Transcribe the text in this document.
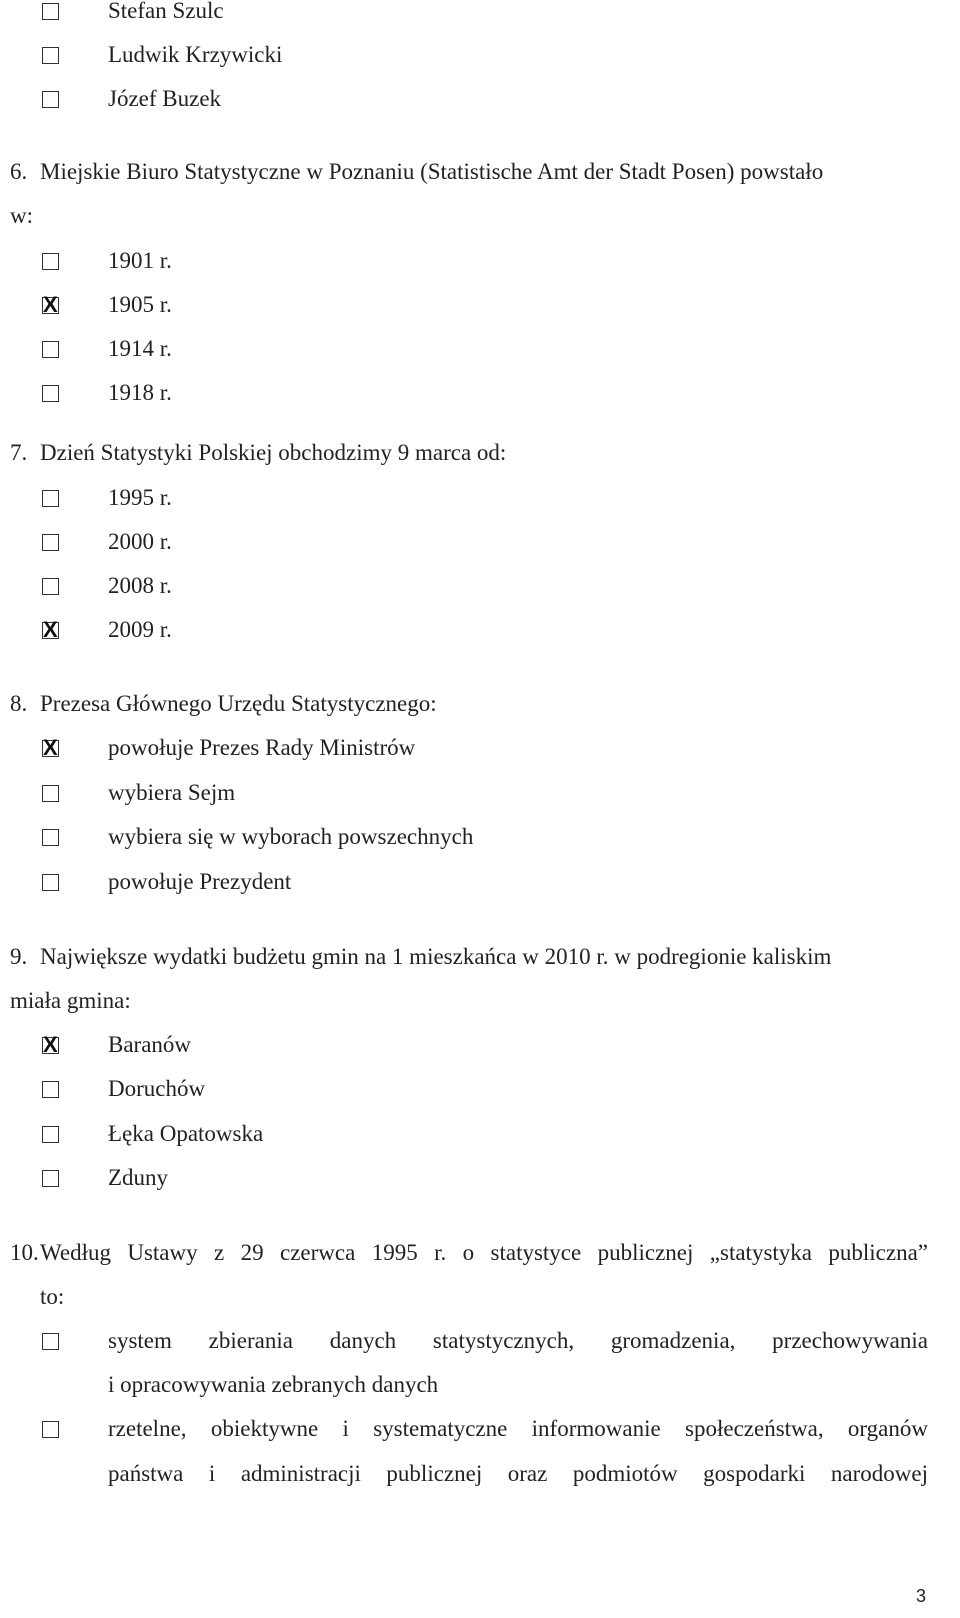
Stefan Szulc
Ludwik Krzywicki
Józef Buzek
6. Miejskie Biuro Statystyczne w Poznaniu (Statistische Amt der Stadt Posen) powstało
w:
1901 r.
X 1905 r.
1914 r.
1918 r.
7. Dzień Statystyki Polskiej obchodzimy 9 marca od:
1995 r.
2000 r.
2008 r.
X 2009 r.
8. Prezesa Głównego Urzędu Statystycznego:
X powołuje Prezes Rady Ministrów
wybiera Sejm
wybiera się w wyborach powszechnych
powołuje Prezydent
9. Największe wydatki budżetu gmin na 1 mieszkańca w 2010 r. w podregionie kaliskim
miała gmina:
X Baranów
Doruchów
Łęka Opatowska
Zduny
10. Według Ustawy z 29 czerwca 1995 r. o statystyce publicznej „statystyka publiczna”
to:
system zbierania danych statystycznych, gromadzenia, przechowywania
i opracowywania zebranych danych
rzetelne, obiektywne i systematyczne informowanie społeczeństwa, organów
państwa i administracji publicznej oraz podmiotów gospodarki narodowej
3
